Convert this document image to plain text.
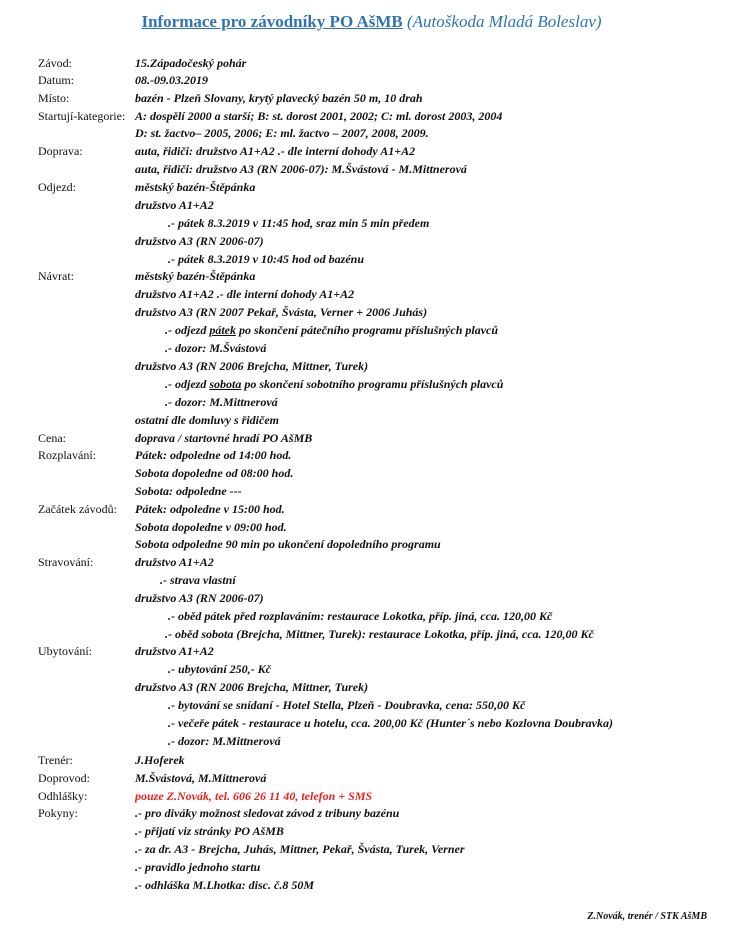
Informace pro závodníky PO AšMB (Autoškoda Mladá Boleslav)
Závod:	15.Západočeský pohár
Datum:	08.-09.03.2019
Místo:	bazén - Plzeň Slovany, krytý plavecký bazén 50 m, 10 drah
Startují-kategorie: A: dospělí 2000 a starší; B: st. dorost 2001, 2002; C: ml. dorost 2003, 2004
D: st. žactvo– 2005, 2006; E: ml. žactvo – 2007, 2008, 2009.
Doprava:	auta, řidiči: družstvo A1+A2 .- dle interní dohody A1+A2
auta, řidiči: družstvo A3 (RN 2006-07): M.Švástová - M.Mittnerová
Odjezd:	městský bazén-Štěpánka
družstvo A1+A2
.- pátek 8.3.2019 v 11:45 hod, sraz min 5 min předem
družstvo A3 (RN 2006-07)
.- pátek 8.3.2019 v 10:45 hod od bazénu
Návrat:	městský bazén-Štěpánka
družstvo A1+A2 .- dle interní dohody A1+A2
družstvo A3 (RN 2007 Pekař, Švásta, Verner + 2006 Juhás)
.- odjezd pátek po skončení pátečního programu příslušných plavců
.- dozor: M.Švástová
družstvo A3 (RN 2006 Brejcha, Mittner, Turek)
.- odjezd sobota po skončení sobotního programu příslušných plavců
.- dozor: M.Mittnerová
ostatní dle domluvy s řidičem
Cena:	doprava / startovné hradí PO AšMB
Rozplavání:	Pátek: odpoledne od 14:00 hod.
Sobota dopoledne od 08:00 hod.
Sobota: odpoledne ---
Začátek závodů: Pátek: odpoledne v 15:00 hod.
Sobota dopoledne v 09:00 hod.
Sobota odpoledne 90 min po ukončení dopoledního programu
Stravování:	družstvo A1+A2
.- strava vlastní
družstvo A3 (RN 2006-07)
.- oběd pátek před rozplaváním: restaurace Lokotka, příp. jiná, cca. 120,00 Kč
.- oběd sobota (Brejcha, Mittner, Turek): restaurace Lokotka, příp. jiná, cca. 120,00 Kč
Ubytování:	družstvo A1+A2
.- ubytování 250,- Kč
družstvo A3 (RN 2006 Brejcha, Mittner, Turek)
.- bytování se snídaní - Hotel Stella, Plzeň - Doubravka, cena: 550,00 Kč
.- večeře pátek - restaurace u hotelu, cca. 200,00 Kč (Hunter´s nebo Kozlovna Doubravka)
.- dozor: M.Mittnerová
Trenér:	J.Hoferek
Doprovod:	M.Švástová, M.Mittnerová
Odhlášky:	pouze Z.Novák, tel. 606 26 11 40, telefon + SMS
Pokyny:	.- pro diváky možnost sledovat závod z tribuny bazénu
.- přijatí viz stránky PO AšMB
.- za dr. A3 - Brejcha, Juhás, Mittner, Pekař, Švásta, Turek, Verner
.- pravidlo jednoho startu
.- odhláška M.Lhotka: disc. č.8 50M
Z.Novák, trenér / STK AšMB
